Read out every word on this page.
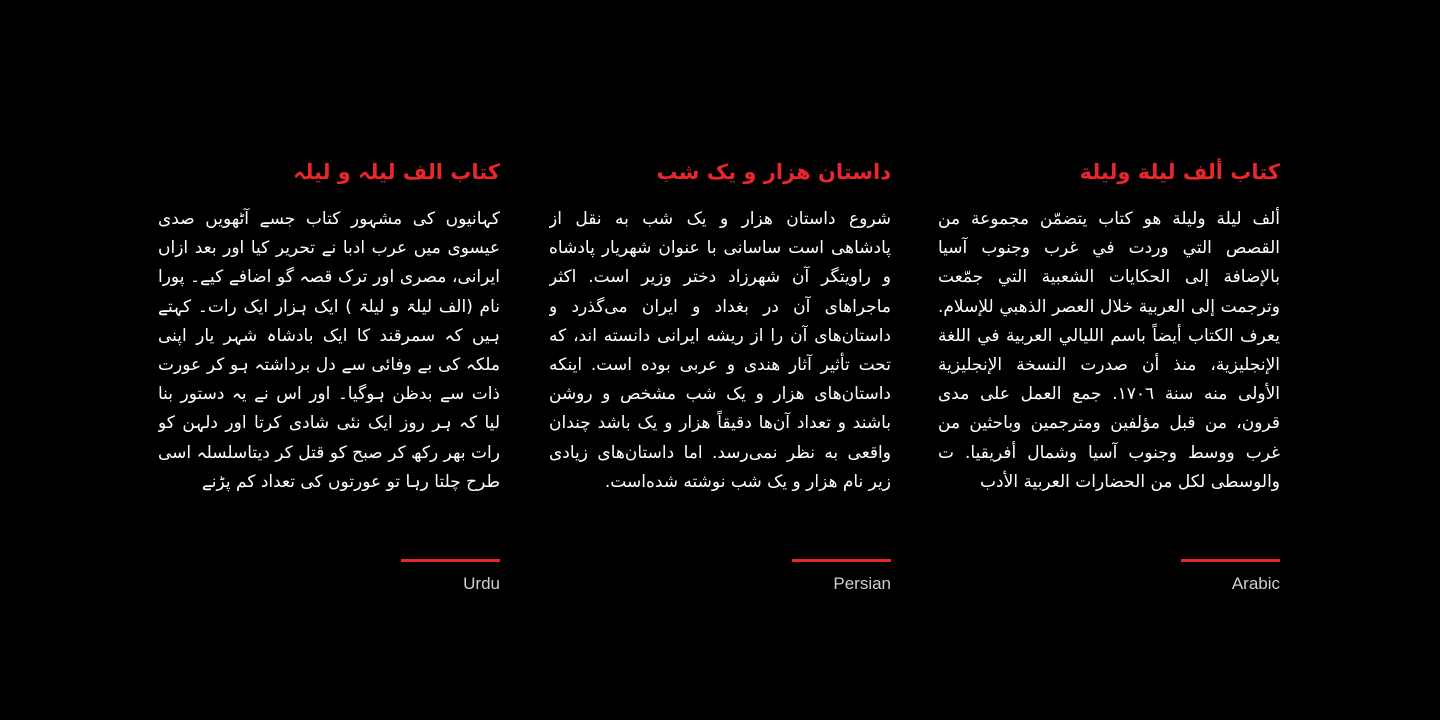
کتاب الف لیلہ و لیلہ

کہانیوں کی مشہور کتاب جسے آٹھویں صدی عیسوی میں عرب ادبا نے تحریر کیا اور بعد ازاں ایرانی، مصری اور ترک قصہ گو اضافے کیے۔ پورا نام (الف لیلۃ و لیلۃ ) ایک ہزار ایک رات۔ کہتے ہیں کہ سمرقند کا ایک بادشاہ شہر یار اپنی ملکہ کی بے وفائی سے دل برداشتہ ہو کر عورت ذات سے بدظن ہوگیا۔ اور اس نے یہ دستور بنا لیا کہ ہر روز ایک نئی شادی کرتا اور دلہن کو رات بھر رکھ کر صبح کو قتل کر دیتاسلسلہ اسی طرح چلتا رہا تو عورتوں کی تعداد کم پڑنے

Urdu
داستان هزار و یک شب

شروع داستان هزار و یک شب به نقل از پادشاهی است ساسانی با عنوان شهریار پادشاه و راویتگر آن شهرزاد دختر وزیر است. اکثر ماجراهای آن در بغداد و ایران می‌گذرد و داستان‌های آن را از ریشه ایرانی دانسته اند، که تحت تأثیر آثار هندی و عربی بوده است. اینکه داستان‌های هزار و یک شب مشخص و روشن باشند و تعداد آن‌ها دقیقاً هزار و یک باشد چندان واقعی به نظر نمی‌رسد. اما داستان‌های زیادی زیر نام هزار و یک شب نوشته شده‌است.

Persian
كتاب ألف ليلة وليلة

ألف ليلة وليلة هو كتاب يتضمّن مجموعة من القصص التي وردت في غرب وجنوب آسيا بالإضافة إلى الحكايات الشعبية التي جمّعت وترجمت إلى العربية خلال العصر الذهبي للإسلام. يعرف الكتاب أيضاً باسم الليالي العربية في اللغة الإنجليزية، منذ أن صدرت النسخة الإنجليزية الأولى منه سنة ١٧٠٦. جمع العمل على مدى قرون، من قبل مؤلفين ومترجمين وباحثين من غرب ووسط وجنوب آسيا وشمال أفريقيا. ت والوسطى لكل من الحضارات العربية الأدب

Arabic
